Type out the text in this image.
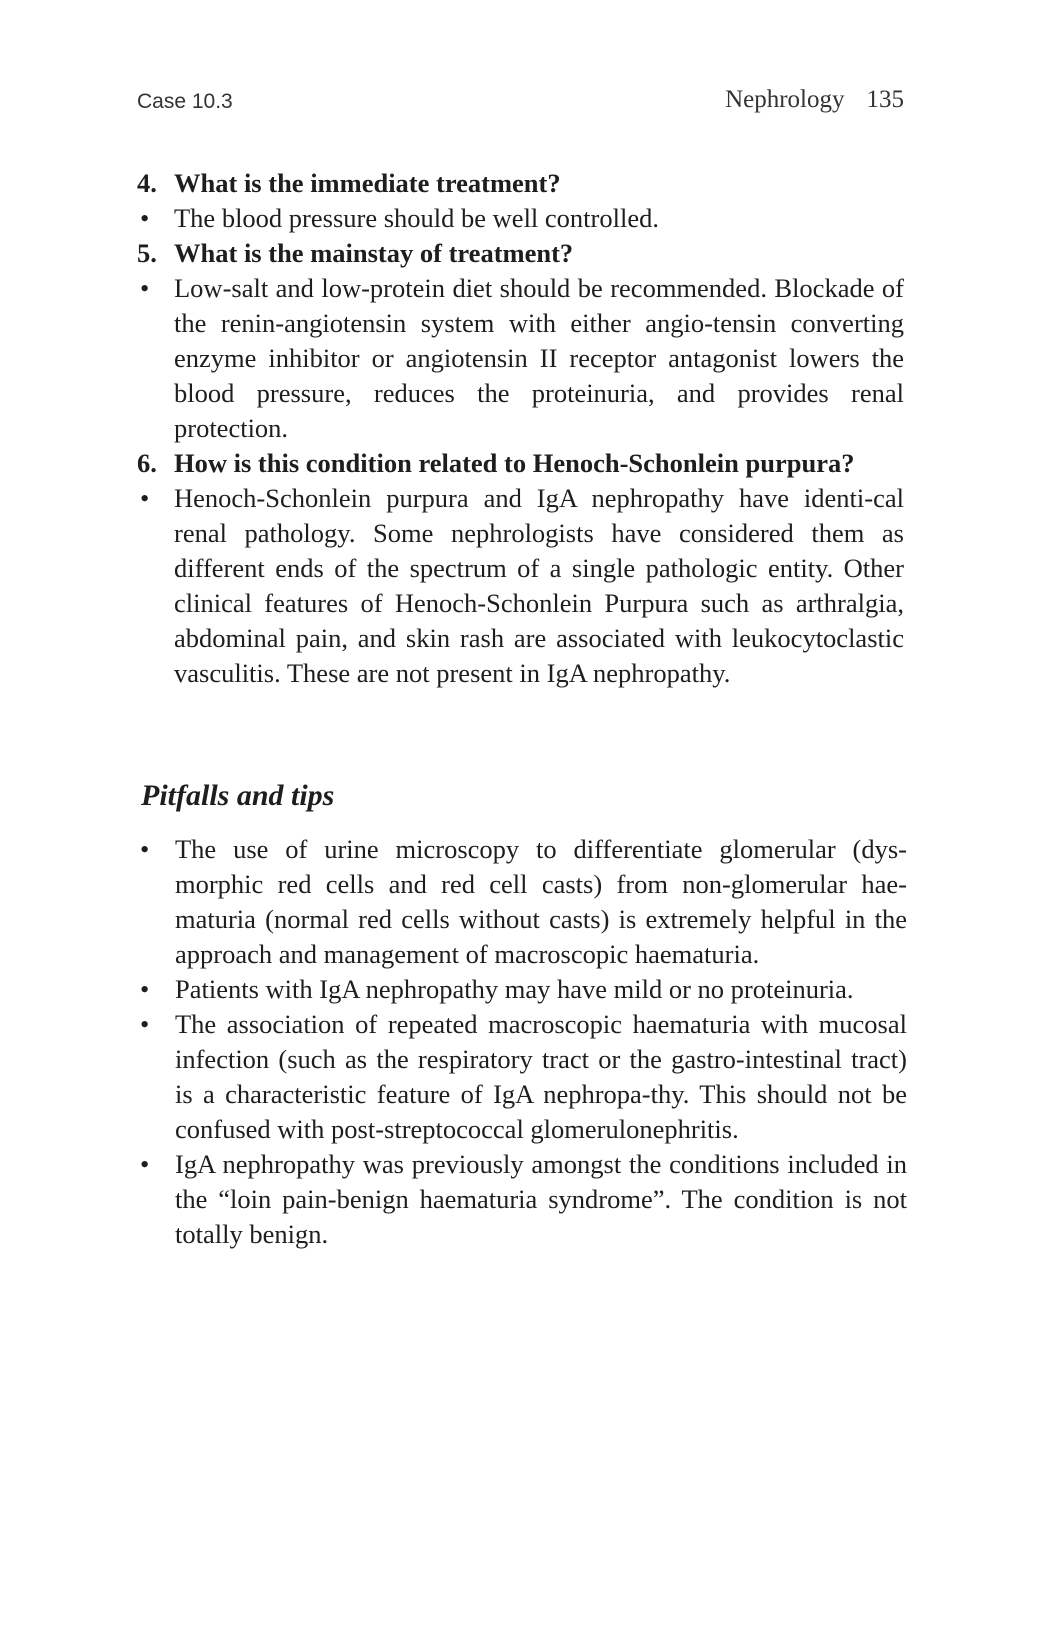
Case 10.3	Nephrology 135
4. What is the immediate treatment?
• The blood pressure should be well controlled.
5. What is the mainstay of treatment?
• Low-salt and low-protein diet should be recommended. Blockade of the renin-angiotensin system with either angio-tensin converting enzyme inhibitor or angiotensin II receptor antagonist lowers the blood pressure, reduces the proteinuria, and provides renal protection.
6. How is this condition related to Henoch-Schonlein purpura?
• Henoch-Schonlein purpura and IgA nephropathy have identi-cal renal pathology. Some nephrologists have considered them as different ends of the spectrum of a single pathologic entity. Other clinical features of Henoch-Schonlein Purpura such as arthralgia, abdominal pain, and skin rash are associated with leukocytoclastic vasculitis. These are not present in IgA nephropathy.
Pitfalls and tips
• The use of urine microscopy to differentiate glomerular (dys-morphic red cells and red cell casts) from non-glomerular hae-maturia (normal red cells without casts) is extremely helpful in the approach and management of macroscopic haematuria.
• Patients with IgA nephropathy may have mild or no proteinuria.
• The association of repeated macroscopic haematuria with mucosal infection (such as the respiratory tract or the gastro-intestinal tract) is a characteristic feature of IgA nephropa-thy. This should not be confused with post-streptococcal glomerulonephritis.
• IgA nephropathy was previously amongst the conditions included in the “loin pain-benign haematuria syndrome”. The condition is not totally benign.
